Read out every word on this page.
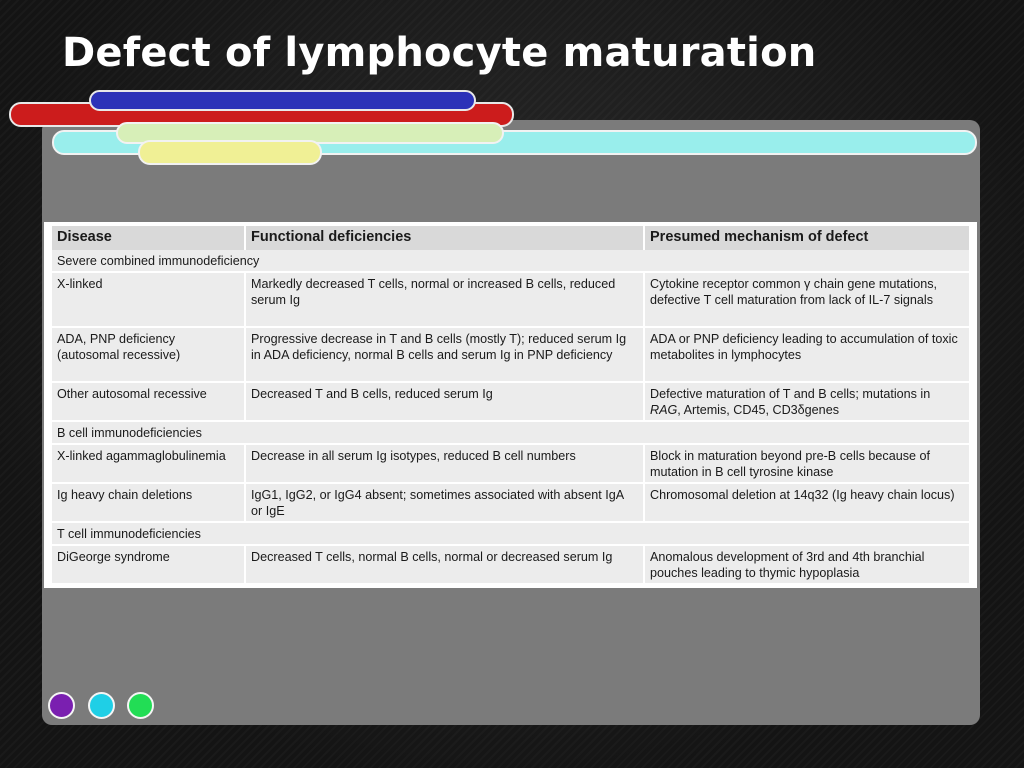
Defect of lymphocyte maturation
Disease	Functional deficiencies	Presumed mechanism of defect
Severe combined immunodeficiency		
X-linked	Markedly decreased T cells, normal or increased B cells, reduced serum Ig	Cytokine receptor common γ chain gene mutations, defective T cell maturation from lack of IL-7 signals
ADA, PNP deficiency (autosomal recessive)	Progressive decrease in T and B cells (mostly T); reduced serum Ig in ADA deficiency, normal B cells and serum Ig in PNP deficiency	ADA or PNP deficiency leading to accumulation of toxic metabolites in lymphocytes
Other autosomal recessive	Decreased T and B cells, reduced serum Ig	Defective maturation of T and B cells; mutations in RAG, Artemis, CD45, CD3δgenes
B cell immunodeficiencies		
X-linked agammaglobulinemia	Decrease in all serum Ig isotypes, reduced B cell numbers	Block in maturation beyond pre-B cells because of mutation in B cell tyrosine kinase
Ig heavy chain deletions	IgG1, IgG2, or IgG4 absent; sometimes associated with absent IgA or IgE	Chromosomal deletion at 14q32 (Ig heavy chain locus)
T cell immunodeficiencies		
DiGeorge syndrome	Decreased T cells, normal B cells, normal or decreased serum Ig	Anomalous development of 3rd and 4th branchial pouches leading to thymic hypoplasia
